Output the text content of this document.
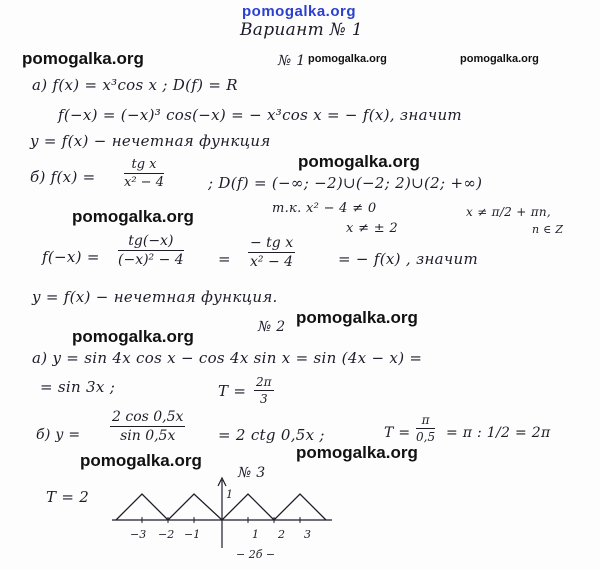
pomogalka.org
Вариант № 1
pomogalka.org	pomogalka.org	pomogalka.org
pomogalka.org
pomogalka.org
pomogalka.org
pomogalka.org
pomogalka.org	pomogalka.org
№ 1
а) f(x) = x³cos x ; D(f) = R
f(−x) = (−x)³ cos(−x) = − x³cos x = − f(x), значит
y = f(x) − нечетная функция
б) $f(x) = \frac{\text{tg x}}{\text{x² − 4}}$	; D(f) = (−∞; −2)∪(−2; 2)∪(2; +∞)
т.к. x² − 4 ≠ 0
x ≠ ± 2
x ≠ π/2 + πn,
n ∈ Z
$f(-x) = \frac{tg(-x)}{\text{(−x)² − 4}} = \frac{\text{− tg x}}{\text{x² − 4}}$	= − f(x) , значит
y = f(x) − нечетная функция.
№ 2
а) y = sin 4x cos x − cos 4x sin x = sin (4x − x) =
= sin 3x ;	$T = \frac{2\pi}{3}$
б) $y = \frac{2 \cos 0,5x}{\sin 0,5x} = 2$ ctg 0,5x ;	$T = \frac{\pi}{0,5} = \pi$ : 1/2 = 2π
№ 3
T = 2
−3 −2 −1	1 2 3
1
− 2б −
